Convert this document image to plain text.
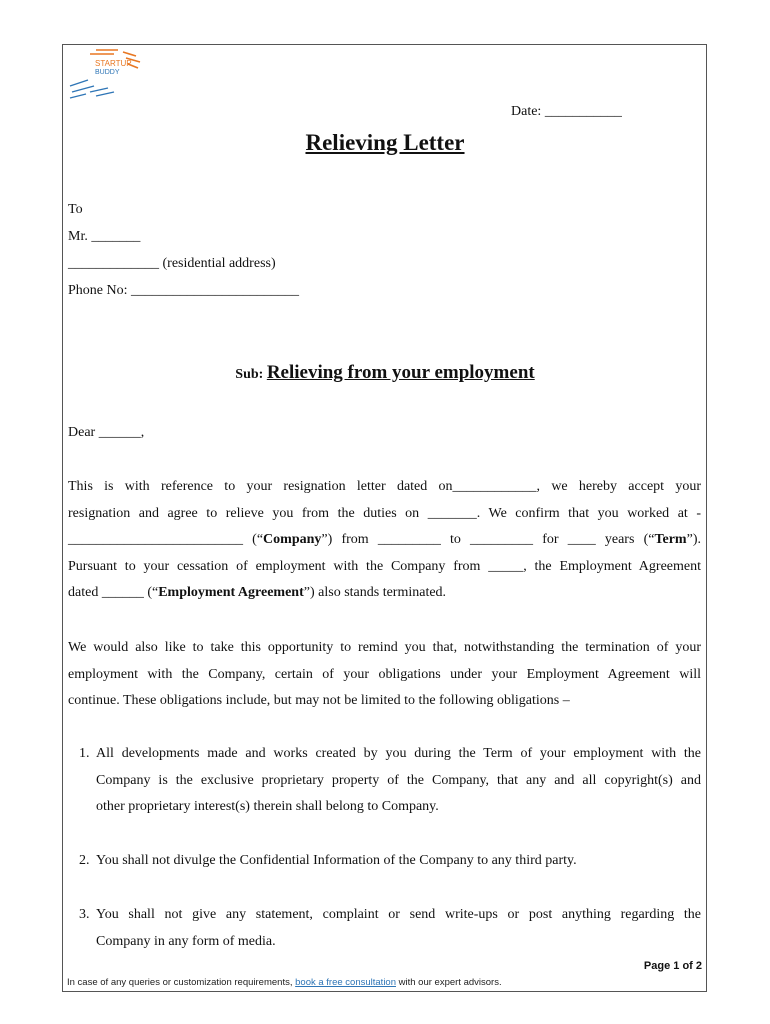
STARTUP
BUDDY
Date: ___________
Relieving Letter
To
Mr. _______
_____________ (residential address)
Phone No: ________________________
Sub: Relieving from your employment
Dear ______,
This is with reference to your resignation letter dated on____________, we hereby accept your
resignation and agree to relieve you from the duties on _______. We confirm that you worked at -
_________________________ (“Company”) from _________ to _________ for ____ years (“Term”).
Pursuant to your cessation of employment with the Company from _____, the Employment Agreement
dated ______ (“Employment Agreement”) also stands terminated.
We would also like to take this opportunity to remind you that, notwithstanding the termination of your
employment with the Company, certain of your obligations under your Employment Agreement will
continue. These obligations include, but may not be limited to the following obligations –
1. All developments made and works created by you during the Term of your employment with the
Company is the exclusive proprietary property of the Company, that any and all copyright(s) and
other proprietary interest(s) therein shall belong to Company.
2. You shall not divulge the Confidential Information of the Company to any third party.
3. You shall not give any statement, complaint or send write-ups or post anything regarding the
Company in any form of media.
Page 1 of 2
In case of any queries or customization requirements, book a free consultation with our expert advisors.
